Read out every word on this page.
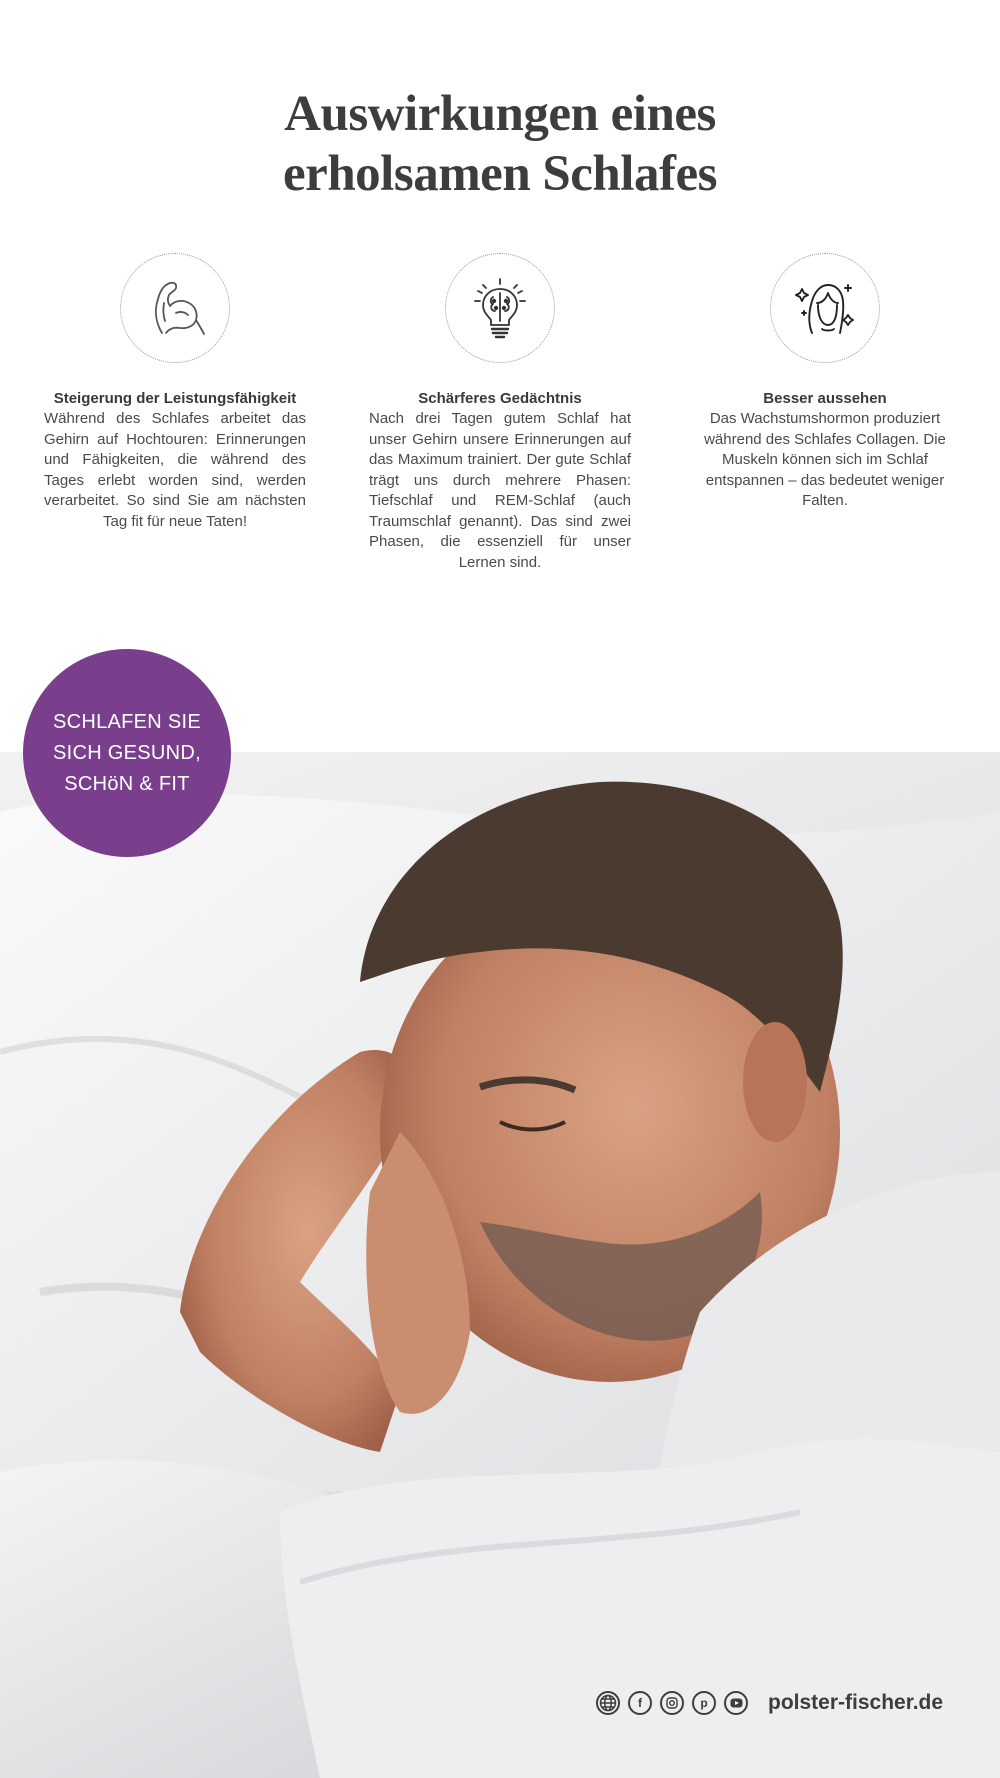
Auswirkungen eines
erholsamen Schlafes
Steigerung der Leistungsfähigkeit

Während des Schlafes arbeitet das Gehirn auf Hochtouren: Erinnerungen und Fähigkeiten, die während des Tages erlebt worden sind, werden verarbeitet. So sind Sie am nächsten Tag fit für neue Taten!

Schärferes Gedächtnis

Nach drei Tagen gutem Schlaf hat unser Gehirn unsere Erinnerungen auf das Maximum trainiert. Der gute Schlaf trägt uns durch mehrere Phasen: Tiefschlaf und REM-Schlaf (auch Traumschlaf genannt). Das sind zwei Phasen, die essenziell für unser Lernen sind.

Besser aussehen

Das Wachstumshormon produziert während des Schlafes Collagen. Die Muskeln können sich im Schlaf entspannen – das bedeutet weniger Falten.

SCHLAFEN SIE
SICH GESUND,
SCHöN & FIT
f	p	polster-fischer.de
